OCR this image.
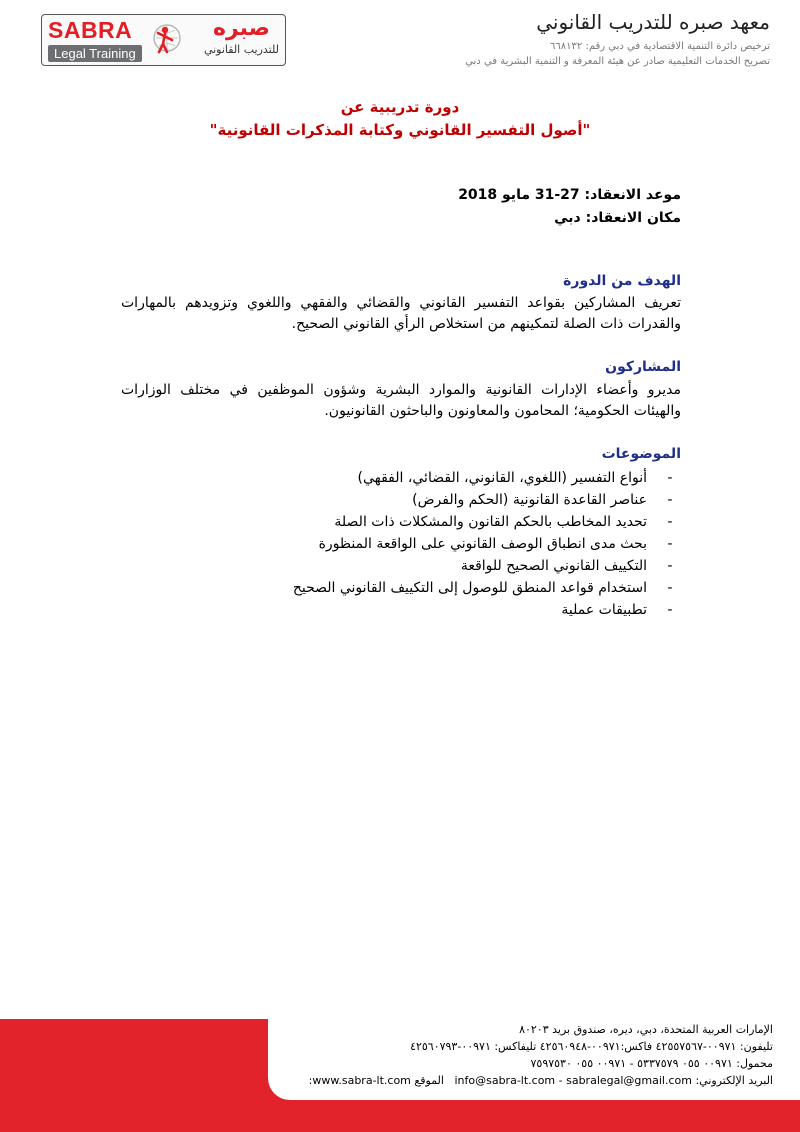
SABRA
Legal Training
صبره
للتدريب القانوني
معهد صبره للتدريب القانوني
ترخيص دائرة التنمية الاقتصادية في دبي رقم: ٦٦٨١٣٢
تصريح الخدمات التعليمية صادر عن هيئة المعرفة و التنمية البشرية في دبي
دورة تدريبية عن
"أصول التفسير القانوني وكتابة المذكرات القانونية"
موعد الانعقاد: 27-31 مايو 2018
مكان الانعقاد: دبي
الهدف من الدورة
تعريف المشاركين بقواعد التفسير القانوني والقضائي والفقهي واللغوي وتزويدهم بالمهارات والقدرات ذات الصلة لتمكينهم من استخلاص الرأي القانوني الصحيح.
المشاركون
مديرو وأعضاء الإدارات القانونية والموارد البشرية وشؤون الموظفين في مختلف الوزارات والهيئات الحكومية؛ المحامون والمعاونون والباحثون القانونيون.
الموضوعات
-أنواع التفسير (اللغوي، القانوني، القضائي، الفقهي)
-عناصر القاعدة القانونية (الحكم والفرض)
-تحديد المخاطب بالحكم القانون والمشكلات ذات الصلة
-بحث مدى انطباق الوصف القانوني على الواقعة المنظورة
-التكييف القانوني الصحيح للواقعة
-استخدام قواعد المنطق للوصول إلى التكييف القانوني الصحيح
-تطبيقات عملية
الإمارات العربية المتحدة، دبي، ديره، صندوق بريد ٨٠٢٠٣
تليفون: ٠٠٩٧١-٤٢٥٥٧٥٦٧ فاكس:٠٠٩٧١-٤٢٥٦٠٩٤٨ تليفاكس: ٠٠٩٧١-٤٢٥٦٠٧٩٣
محمول: ٠٠٩٧١ ٠٥٥ ٥٣٣٧٥٧٩ - ٠٠٩٧١ ٠٥٥ ٧٥٩٧٥٣٠
البريد الإلكتروني: info@sabra-lt.com - sabralegal@gmail.com   الموقع www.sabra-lt.com:
